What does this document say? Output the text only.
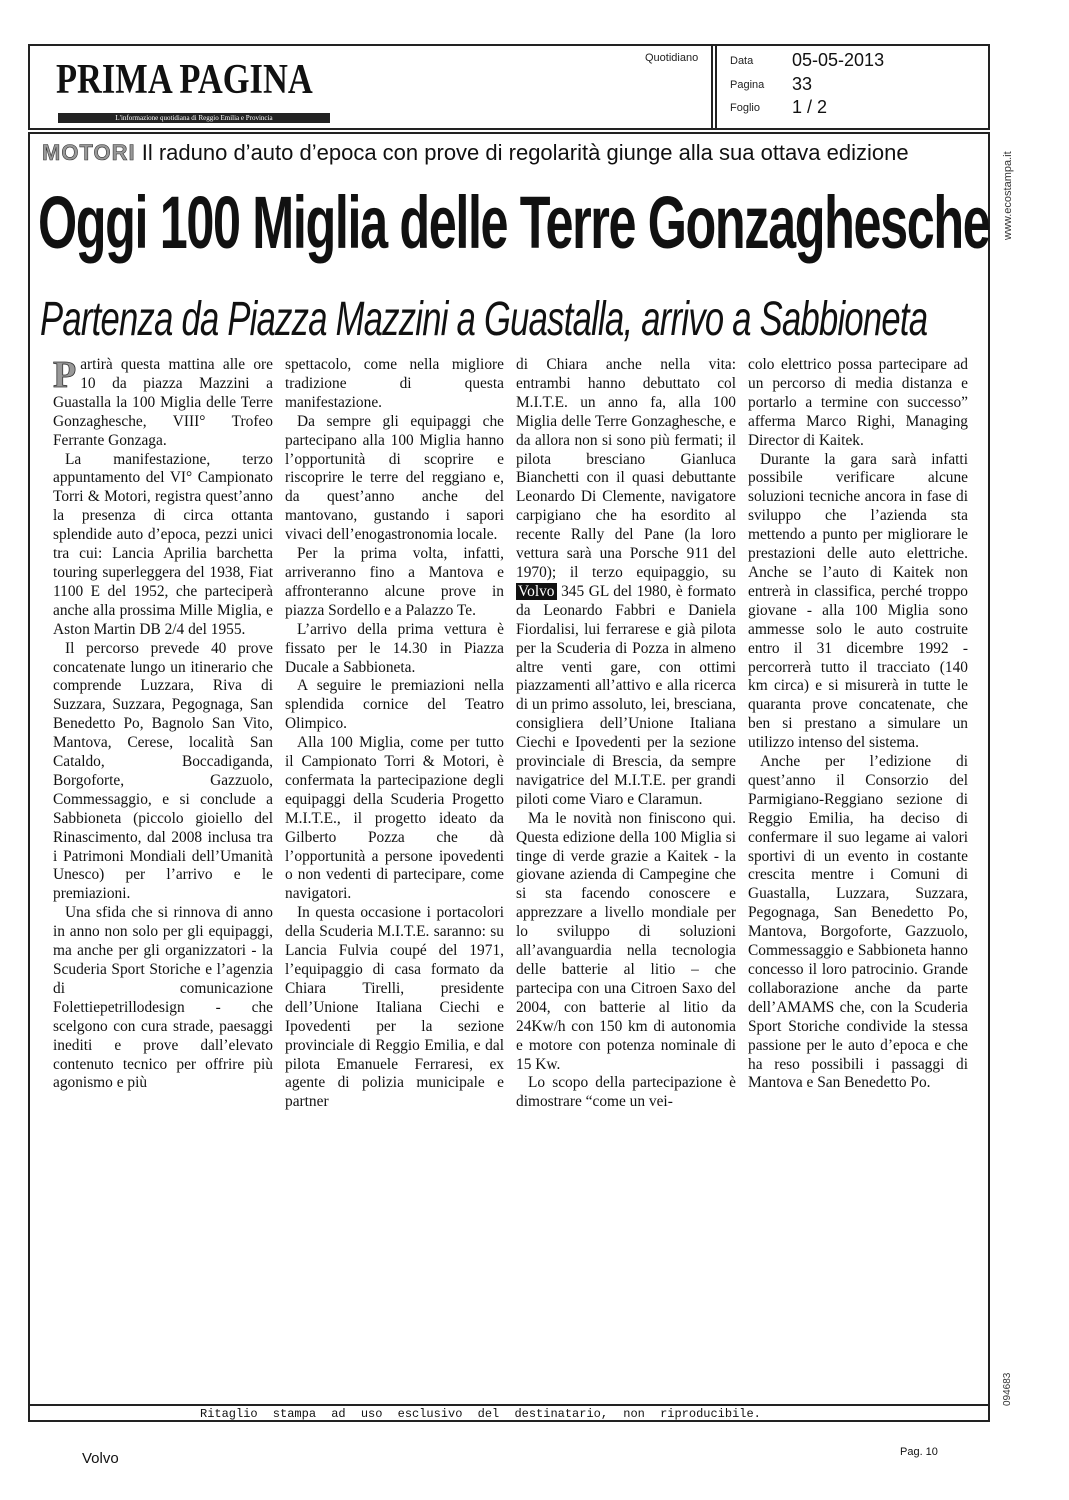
PRIMA PAGINA
L'informazione quotidiana di Reggio Emilia e Provincia
Quotidiano	Data 05-05-2013
Pagina 33
Foglio 1 / 2
MOTORI Il raduno d’auto d’epoca con prove di regolarità giunge alla sua ottava edizione
Oggi 100 Miglia delle Terre Gonzaghesche
Partenza da Piazza Mazzini a Guastalla, arrivo a Sabbioneta

Partirà questa mattina alle ore 10 da piazza Mazzini a Guastalla la 100 Miglia delle Terre Gonzaghesche, VIII° Trofeo Ferrante Gonzaga.

La manifestazione, terzo appuntamento del VI° Campionato Torri & Motori, registra quest’anno la presenza di circa ottanta splendide auto d’epoca, pezzi unici tra cui: Lancia Aprilia barchetta touring superleggera del 1938, Fiat 1100 E del 1952, che parteciperà anche alla prossima Mille Miglia, e Aston Martin DB 2/4 del 1955.

Il percorso prevede 40 prove concatenate lungo un itinerario che comprende Luzzara, Riva di Suzzara, Suzzara, Pegognaga, San Benedetto Po, Bagnolo San Vito, Mantova, Cerese, località San Cataldo, Boccadiganda, Borgoforte, Gazzuolo, Commessaggio, e si conclude a Sabbioneta (piccolo gioiello del Rinascimento, dal 2008 inclusa tra i Patrimoni Mondiali dell’Umanità Unesco) per l’arrivo e le premiazioni.

Una sfida che si rinnova di anno in anno non solo per gli equipaggi, ma anche per gli organizzatori - la Scuderia Sport Storiche e l’agenzia di comunicazione Folettiepetrillodesign - che scelgono con cura strade, paesaggi inediti e prove dall’elevato contenuto tecnico per offrire più agonismo e più

spettacolo, come nella migliore tradizione di questa manifestazione.

Da sempre gli equipaggi che partecipano alla 100 Miglia hanno l’opportunità di scoprire e riscoprire le terre del reggiano e, da quest’anno anche del mantovano, gustando i sapori vivaci dell’enogastronomia locale.

Per la prima volta, infatti, arriveranno fino a Mantova e affronteranno alcune prove in piazza Sordello e a Palazzo Te.

L’arrivo della prima vettura è fissato per le 14.30 in Piazza Ducale a Sabbioneta.

A seguire le premiazioni nella splendida cornice del Teatro Olimpico.

Alla 100 Miglia, come per tutto il Campionato Torri & Motori, è confermata la partecipazione degli equipaggi della Scuderia Progetto M.I.T.E., il progetto ideato da Gilberto Pozza che dà l’opportunità a persone ipovedenti o non vedenti di partecipare, come navigatori.

In questa occasione i portacolori della Scuderia M.I.T.E. saranno: su Lancia Fulvia coupé del 1971, l’equipaggio di casa formato da Chiara Tirelli, presidente dell’Unione Italiana Ciechi e Ipovedenti per la sezione provinciale di Reggio Emilia, e dal pilota Emanuele Ferraresi, ex agente di polizia municipale e partner

di Chiara anche nella vita: entrambi hanno debuttato col M.I.T.E. un anno fa, alla 100 Miglia delle Terre Gonzaghesche, e da allora non si sono più fermati; il pilota bresciano Gianluca Bianchetti con il quasi debuttante Leonardo Di Clemente, navigatore carpigiano che ha esordito al recente Rally del Pane (la loro vettura sarà una Porsche 911 del 1970); il terzo equipaggio, su Volvo 345 GL del 1980, è formato da Leonardo Fabbri e Daniela Fiordalisi, lui ferrarese e già pilota per la Scuderia di Pozza in almeno altre venti gare, con ottimi piazzamenti all’attivo e alla ricerca di un primo assoluto, lei, bresciana, consigliera dell’Unione Italiana Ciechi e Ipovedenti per la sezione provinciale di Brescia, da sempre navigatrice del M.I.T.E. per grandi piloti come Viaro e Claramun.

Ma le novità non finiscono qui. Questa edizione della 100 Miglia si tinge di verde grazie a Kaitek - la giovane azienda di Campegine che si sta facendo conoscere e apprezzare a livello mondiale per lo sviluppo di soluzioni all’avanguardia nella tecnologia delle batterie al litio – che partecipa con una Citroen Saxo del 2004, con batterie al litio da 24Kw/h con 150 km di autonomia e motore con potenza nominale di 15 Kw.

Lo scopo della partecipazione è dimostrare “come un vei-

colo elettrico possa partecipare ad un percorso di media distanza e portarlo a termine con successo” afferma Marco Righi, Managing Director di Kaitek.

Durante la gara sarà infatti possibile verificare alcune soluzioni tecniche ancora in fase di sviluppo che l’azienda sta mettendo a punto per migliorare le prestazioni delle auto elettriche. Anche se l’auto di Kaitek non entrerà in classifica, perché troppo giovane - alla 100 Miglia sono ammesse solo le auto costruite entro il 31 dicembre 1992 - percorrerà tutto il tracciato (140 km circa) e si misurerà in tutte le quaranta prove concatenate, che ben si prestano a simulare un utilizzo intenso del sistema.

Anche per l’edizione di quest’anno il Consorzio del Parmigiano-Reggiano sezione di Reggio Emilia, ha deciso di confermare il suo legame ai valori sportivi di un evento in costante crescita mentre i Comuni di Guastalla, Luzzara, Suzzara, Pegognaga, San Benedetto Po, Mantova, Borgoforte, Gazzuolo, Commessaggio e Sabbioneta hanno concesso il loro patrocinio. Grande collaborazione anche da parte dell’AMAMS che, con la Scuderia Sport Storiche condivide la stessa passione per le auto d’epoca e che ha reso possibili i passaggi di Mantova e San Benedetto Po.

www.ecostampa.it
094683
Ritaglio stampa ad uso esclusivo del destinatario, non riproducibile.
Volvo	Pag. 10
